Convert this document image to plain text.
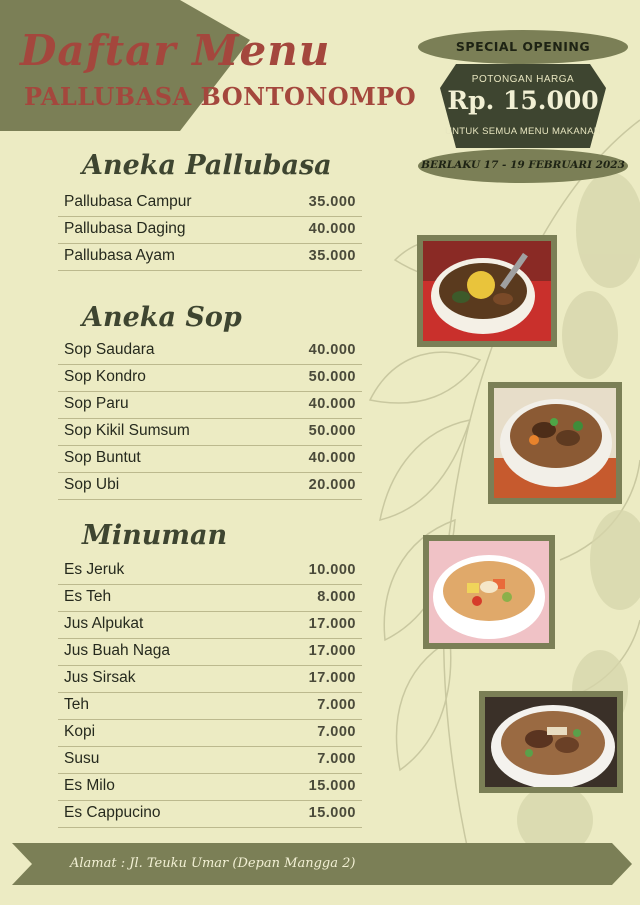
Daftar Menu
PALLUBASA BONTONOMPO
SPECIAL OPENING
POTONGAN HARGA
Rp. 15.000
UNTUK SEMUA MENU MAKANAN
BERLAKU 17 - 19 FEBRUARI 2023
Aneka Pallubasa
Pallubasa Campur	35.000
Pallubasa Daging	40.000
Pallubasa Ayam	35.000
Aneka Sop
Sop Saudara	40.000
Sop Kondro	50.000
Sop Paru	40.000
Sop Kikil Sumsum	50.000
Sop Buntut	40.000
Sop Ubi	20.000
Minuman
Es Jeruk	10.000
Es Teh	8.000
Jus Alpukat	17.000
Jus Buah Naga	17.000
Jus Sirsak	17.000
Teh	7.000
Kopi	7.000
Susu	7.000
Es Milo	15.000
Es Cappucino	15.000
Alamat : Jl. Teuku Umar (Depan Mangga 2)
